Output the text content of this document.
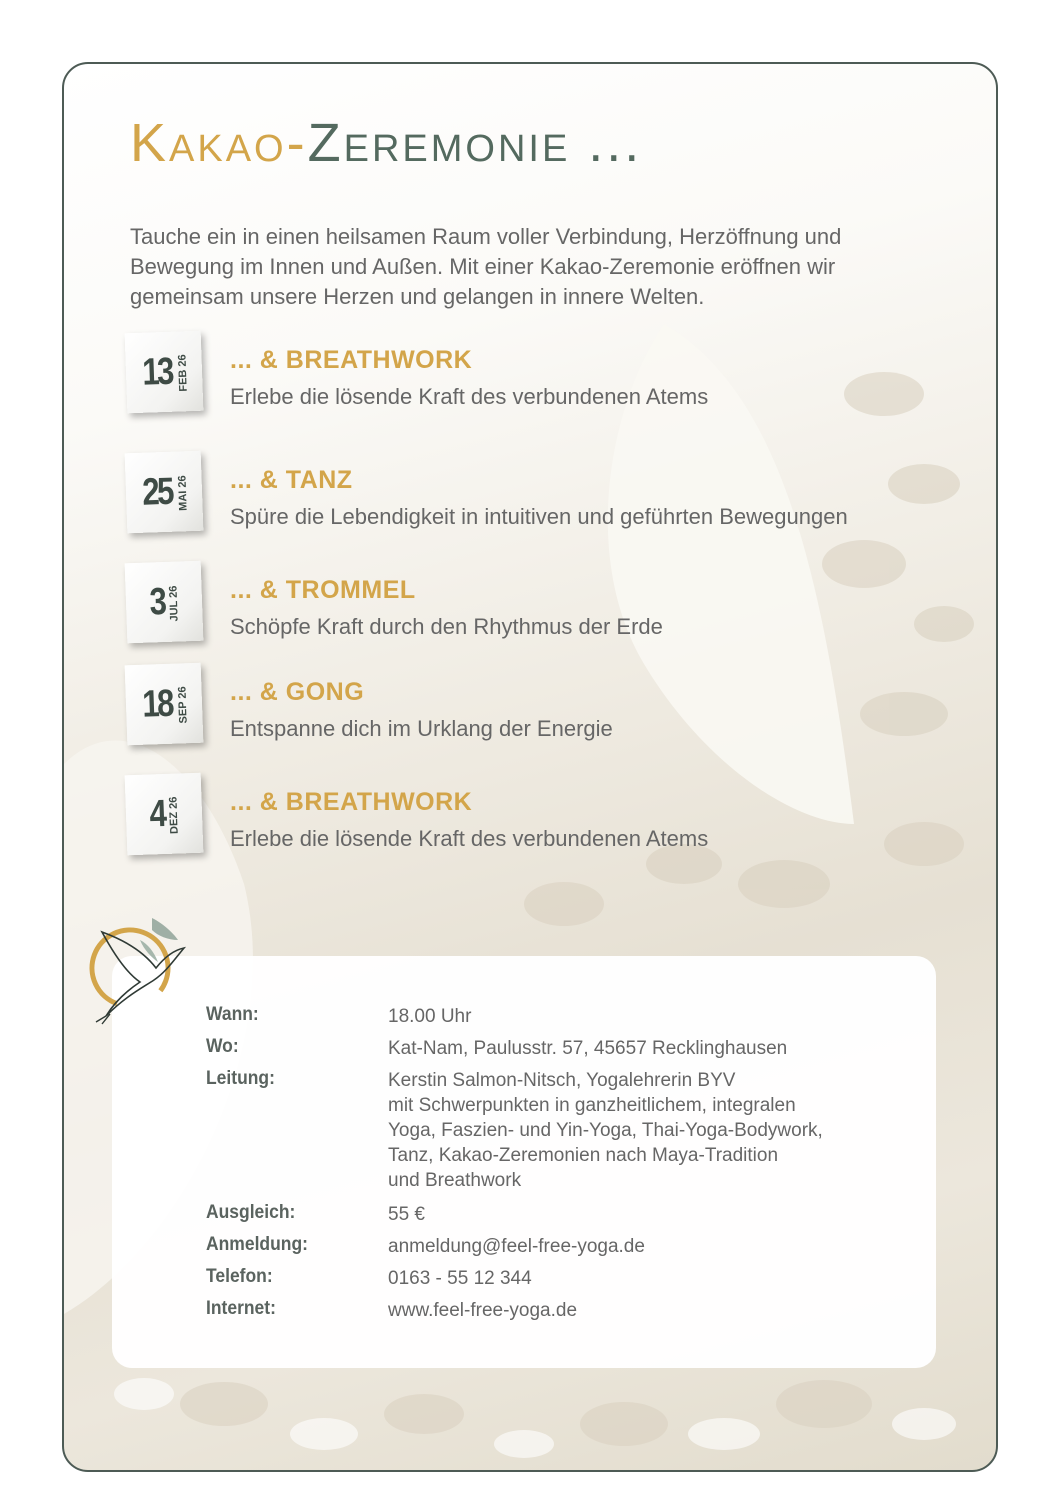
Kakao-Zeremonie ...

Tauche ein in einen heilsamen Raum voller Verbindung, Herzöffnung und Bewegung im Innen und Außen. Mit einer Kakao-Zeremonie eröffnen wir gemeinsam unsere Herzen und gelangen in innere Welten.

13 FEB 26 ... & BREATHWORK
Erlebe die lösende Kraft des verbundenen Atems
25 MAI 26 ... & TANZ
Spüre die Lebendigkeit in intuitiven und geführten Bewegungen
3 JUL 26 ... & TROMMEL
Schöpfe Kraft durch den Rhythmus der Erde
18 SEP 26 ... & GONG
Entspanne dich im Urklang der Energie
4 DEZ 26 ... & BREATHWORK
Erlebe die lösende Kraft des verbundenen Atems
Wann:	18.00 Uhr
Wo:	Kat-Nam, Paulusstr. 57, 45657 Recklinghausen
Leitung:	Kerstin Salmon-Nitsch, Yogalehrerin BYV
mit Schwerpunkten in ganzheitlichem, integralen
Yoga, Faszien- und Yin-Yoga, Thai-Yoga-Bodywork,
Tanz, Kakao-Zeremonien nach Maya-Tradition
und Breathwork
Ausgleich:	55 €
Anmeldung:	anmeldung@feel-free-yoga.de
Telefon:	0163 - 55 12 344
Internet:	www.feel-free-yoga.de
